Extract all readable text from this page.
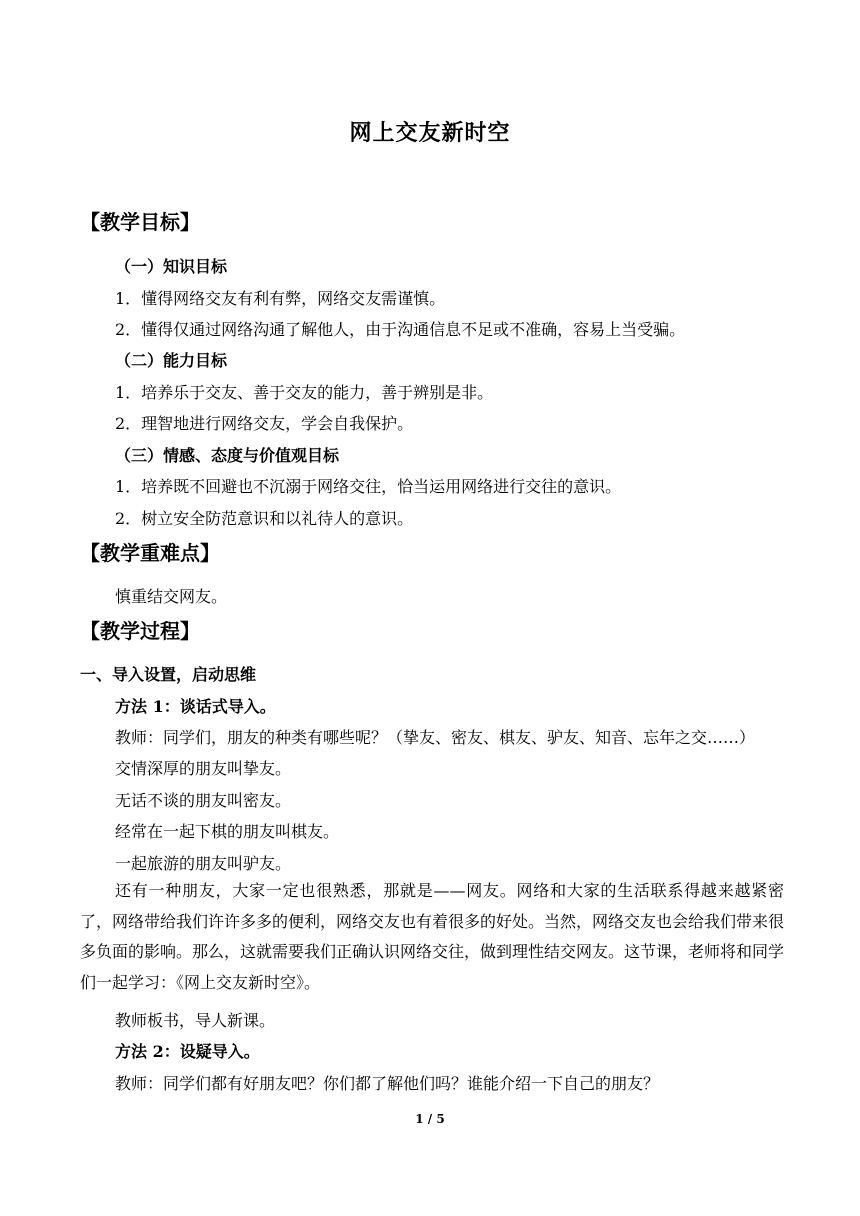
网上交友新时空
【教学目标】
（一）知识目标
1．懂得网络交友有利有弊，网络交友需谨慎。
2．懂得仅通过网络沟通了解他人，由于沟通信息不足或不准确，容易上当受骗。
（二）能力目标
1．培养乐于交友、善于交友的能力，善于辨别是非。
2．理智地进行网络交友，学会自我保护。
（三）情感、态度与价值观目标
1．培养既不回避也不沉溺于网络交往，恰当运用网络进行交往的意识。
2．树立安全防范意识和以礼待人的意识。
【教学重难点】
慎重结交网友。
【教学过程】
一、导入设置，启动思维
方法 1：谈话式导入。
教师：同学们，朋友的种类有哪些呢？（挚友、密友、棋友、驴友、知音、忘年之交……）
交情深厚的朋友叫挚友。
无话不谈的朋友叫密友。
经常在一起下棋的朋友叫棋友。
一起旅游的朋友叫驴友。
还有一种朋友，大家一定也很熟悉，那就是——网友。网络和大家的生活联系得越来越紧密了，网络带给我们许许多多的便利，网络交友也有着很多的好处。当然，网络交友也会给我们带来很多负面的影响。那么，这就需要我们正确认识网络交往，做到理性结交网友。这节课，老师将和同学们一起学习：《网上交友新时空》。
教师板书，导人新课。
方法 2：设疑导入。
教师：同学们都有好朋友吧？你们都了解他们吗？谁能介绍一下自己的朋友？
1 / 5
